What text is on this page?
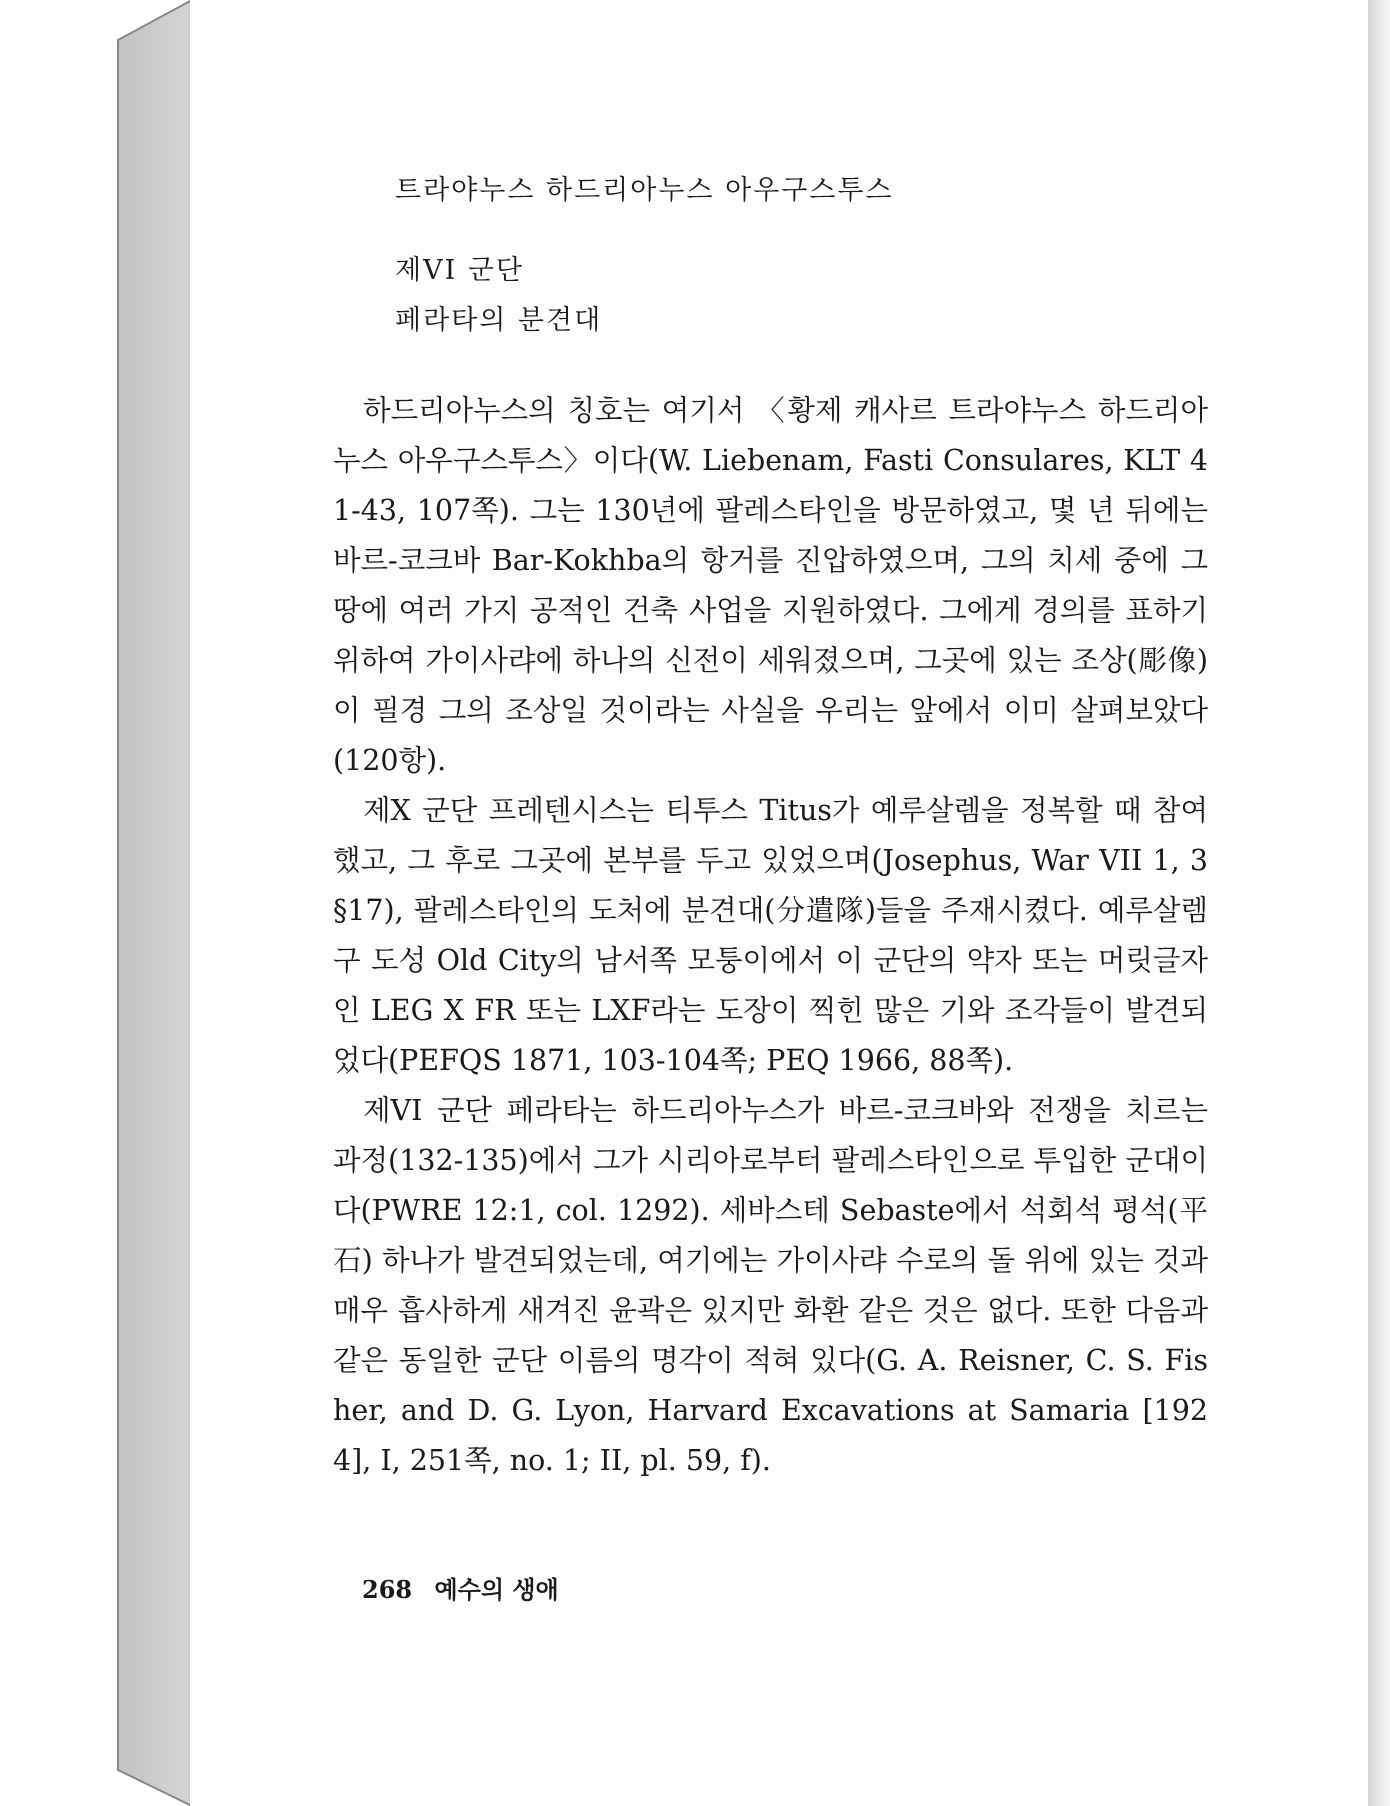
트라야누스 하드리아누스 아우구스투스
제VI 군단
페라타의 분견대

하드리아누스의 칭호는 여기서 〈황제 캐사르 트라야누스 하드리아누스 아우구스투스〉이다(W. Liebenam, Fasti Consulares, KLT 41-43, 107쪽). 그는 130년에 팔레스타인을 방문하였고, 몇 년 뒤에는 바르-코크바 Bar-Kokhba의 항거를 진압하였으며, 그의 치세 중에 그 땅에 여러 가지 공적인 건축 사업을 지원하였다. 그에게 경의를 표하기 위하여 가이사랴에 하나의 신전이 세워졌으며, 그곳에 있는 조상(彫像)이 필경 그의 조상일 것이라는 사실을 우리는 앞에서 이미 살펴보았다(120항).

제X 군단 프레텐시스는 티투스 Titus가 예루살렘을 정복할 때 참여했고, 그 후로 그곳에 본부를 두고 있었으며(Josephus, War VII 1, 3 §17), 팔레스타인의 도처에 분견대(分遣隊)들을 주재시켰다. 예루살렘 구 도성 Old City의 남서쪽 모퉁이에서 이 군단의 약자 또는 머릿글자인 LEG X FR 또는 LXF라는 도장이 찍힌 많은 기와 조각들이 발견되었다(PEFQS 1871, 103-104쪽; PEQ 1966, 88쪽).

제VI 군단 페라타는 하드리아누스가 바르-코크바와 전쟁을 치르는 과정(132-135)에서 그가 시리아로부터 팔레스타인으로 투입한 군대이다(PWRE 12:1, col. 1292). 세바스테 Sebaste에서 석회석 평석(平石) 하나가 발견되었는데, 여기에는 가이사랴 수로의 돌 위에 있는 것과 매우 흡사하게 새겨진 윤곽은 있지만 화환 같은 것은 없다. 또한 다음과 같은 동일한 군단 이름의 명각이 적혀 있다(G. A. Reisner, C. S. Fisher, and D. G. Lyon, Harvard Excavations at Samaria [1924], I, 251쪽, no. 1; II, pl. 59, f).

268 예수의 생애
